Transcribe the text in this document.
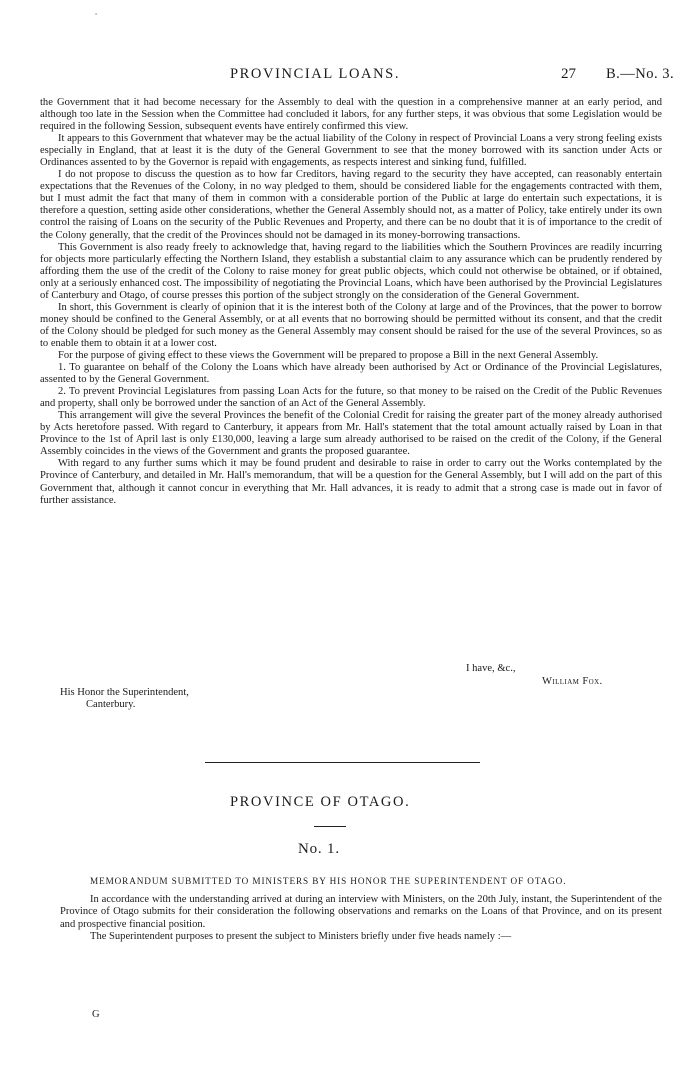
°
PROVINCIAL LOANS.	27 B.—No. 3.

the Government that it had become necessary for the Assembly to deal with the question in a comprehensive manner at an early period, and although too late in the Session when the Committee had concluded it labors, for any further steps, it was obvious that some Legislation would be required in the following Session, subsequent events have entirely confirmed this view.

It appears to this Government that whatever may be the actual liability of the Colony in respect of Provincial Loans a very strong feeling exists especially in England, that at least it is the duty of the General Government to see that the money borrowed with its sanction under Acts or Ordinances assented to by the Governor is repaid with engagements, as respects interest and sinking fund, fulfilled.

I do not propose to discuss the question as to how far Creditors, having regard to the security they have accepted, can reasonably entertain expectations that the Revenues of the Colony, in no way pledged to them, should be considered liable for the engagements contracted with them, but I must admit the fact that many of them in common with a considerable portion of the Public at large do entertain such expectations, it is therefore a question, setting aside other considerations, whether the General Assembly should not, as a matter of Policy, take entirely under its own control the raising of Loans on the security of the Public Revenues and Property, and there can be no doubt that it is of importance to the credit of the Colony generally, that the credit of the Provinces should not be damaged in its money-borrowing transactions.

This Government is also ready freely to acknowledge that, having regard to the liabilities which the Southern Provinces are readily incurring for objects more particularly effecting the Northern Island, they establish a substantial claim to any assurance which can be prudently rendered by affording them the use of the credit of the Colony to raise money for great public objects, which could not otherwise be obtained, or if obtained, only at a seriously enhanced cost. The impossibility of negotiating the Provincial Loans, which have been authorised by the Provincial Legislatures of Canterbury and Otago, of course presses this portion of the subject strongly on the consideration of the General Government.

In short, this Government is clearly of opinion that it is the interest both of the Colony at large and of the Provinces, that the power to borrow money should be confined to the General Assembly, or at all events that no borrowing should be permitted without its consent, and that the credit of the Colony should be pledged for such money as the General Assembly may consent should be raised for the use of the several Provinces, so as to enable them to obtain it at a lower cost.

For the purpose of giving effect to these views the Government will be prepared to propose a Bill in the next General Assembly.

1. To guarantee on behalf of the Colony the Loans which have already been authorised by Act or Ordinance of the Provincial Legislatures, assented to by the General Government.

2. To prevent Provincial Legislatures from passing Loan Acts for the future, so that money to be raised on the Credit of the Public Revenues and property, shall only be borrowed under the sanction of an Act of the General Assembly.

This arrangement will give the several Provinces the benefit of the Colonial Credit for raising the greater part of the money already authorised by Acts heretofore passed. With regard to Canterbury, it appears from Mr. Hall's statement that the total amount actually raised by Loan in that Province to the 1st of April last is only £130,000, leaving a large sum already authorised to be raised on the credit of the Colony, if the General Assembly coincides in the views of the Government and grants the proposed guarantee.

With regard to any further sums which it may be found prudent and desirable to raise in order to carry out the Works contemplated by the Province of Canterbury, and detailed in Mr. Hall's memorandum, that will be a question for the General Assembly, but I will add on the part of this Government that, although it cannot concur in everything that Mr. Hall advances, it is ready to admit that a strong case is made out in favor of further assistance.

I have, &c.,
William Fox.
His Honor the Superintendent,
Canterbury.
PROVINCE OF OTAGO.
No. 1.
MEMORANDUM SUBMITTED TO MINISTERS BY HIS HONOR THE SUPERINTENDENT OF OTAGO.

In accordance with the understanding arrived at during an interview with Ministers, on the 20th July, instant, the Superintendent of the Province of Otago submits for their consideration the following observations and remarks on the Loans of that Province, and on its present and prospective financial position.

The Superintendent purposes to present the subject to Ministers briefly under five heads namely :—

G
